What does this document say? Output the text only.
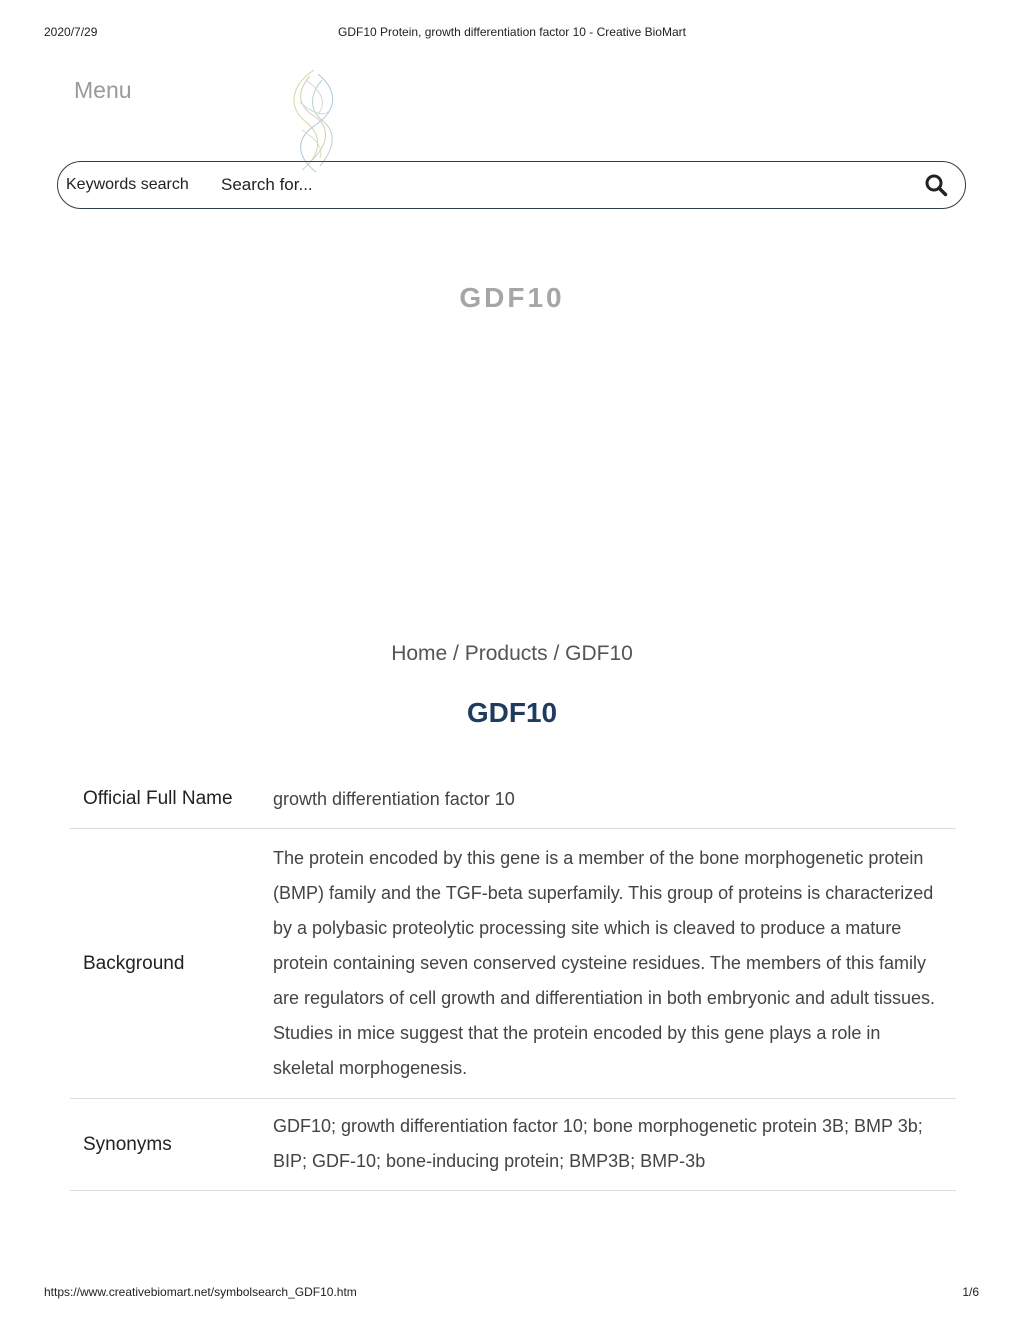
2020/7/29	GDF10 Protein, growth differentiation factor 10 - Creative BioMart
Menu
Keywords search
Search for...
GDF10
Home / Products / GDF10
GDF10
Official Full Name	growth differentiation factor 10
Background	The protein encoded by this gene is a member of the bone morphogenetic protein (BMP) family and the TGF-beta superfamily. This group of proteins is characterized by a polybasic proteolytic processing site which is cleaved to produce a mature protein containing seven conserved cysteine residues. The members of this family are regulators of cell growth and differentiation in both embryonic and adult tissues. Studies in mice suggest that the protein encoded by this gene plays a role in skeletal morphogenesis.
Synonyms	GDF10; growth differentiation factor 10; bone morphogenetic protein 3B; BMP 3b; BIP; GDF-10; bone-inducing protein; BMP3B; BMP-3b
https://www.creativebiomart.net/symbolsearch_GDF10.htm	1/6
